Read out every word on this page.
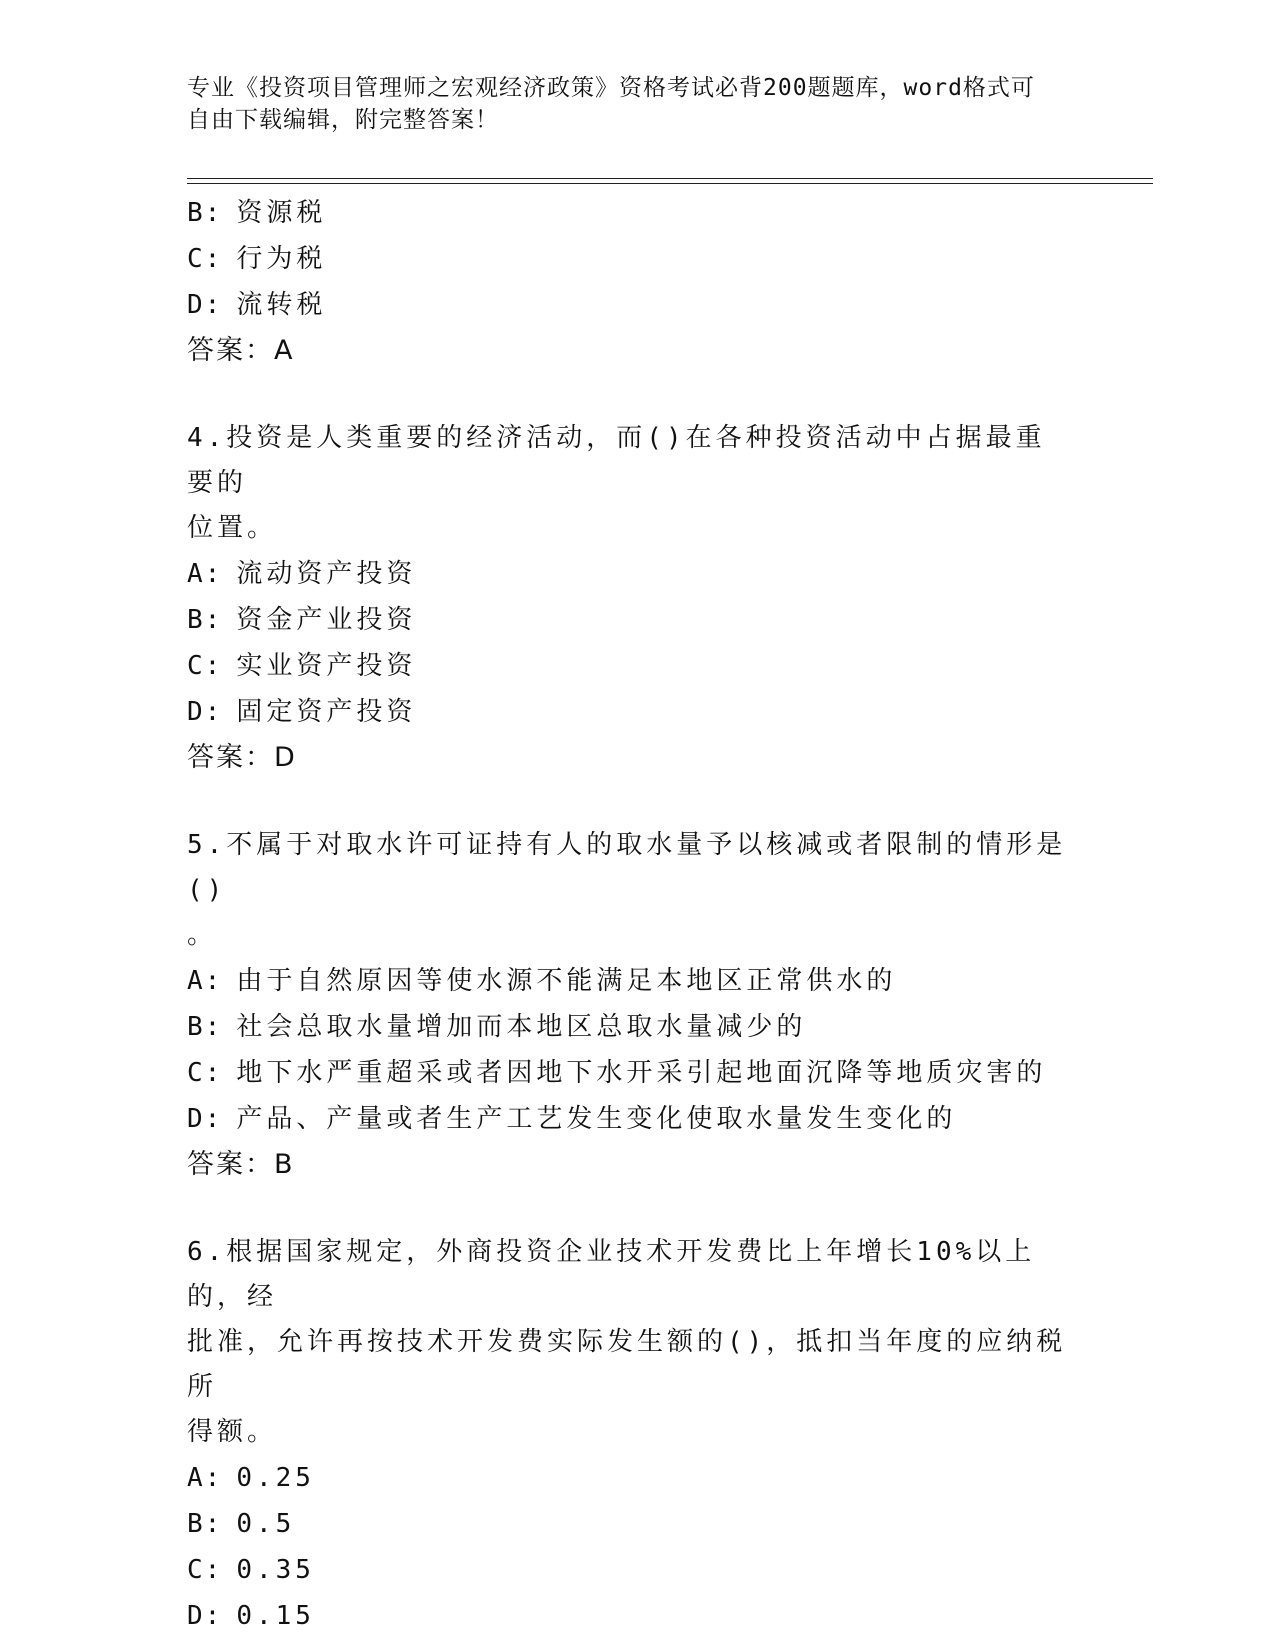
专业《投资项目管理师之宏观经济政策》资格考试必背200题题库，word格式可
自由下载编辑，附完整答案！
B: 资源税
C: 行为税
D: 流转税
答案：A
4.投资是人类重要的经济活动，而()在各种投资活动中占据最重要的
位置。
A: 流动资产投资
B: 资金产业投资
C: 实业资产投资
D: 固定资产投资
答案：D
5.不属于对取水许可证持有人的取水量予以核减或者限制的情形是()
。
A: 由于自然原因等使水源不能满足本地区正常供水的
B: 社会总取水量增加而本地区总取水量减少的
C: 地下水严重超采或者因地下水开采引起地面沉降等地质灾害的
D: 产品、产量或者生产工艺发生变化使取水量发生变化的
答案：B
6.根据国家规定，外商投资企业技术开发费比上年增长10%以上的，经
批准，允许再按技术开发费实际发生额的()，抵扣当年度的应纳税所
得额。
A: 0.25
B: 0.5
C: 0.35
D: 0.15
